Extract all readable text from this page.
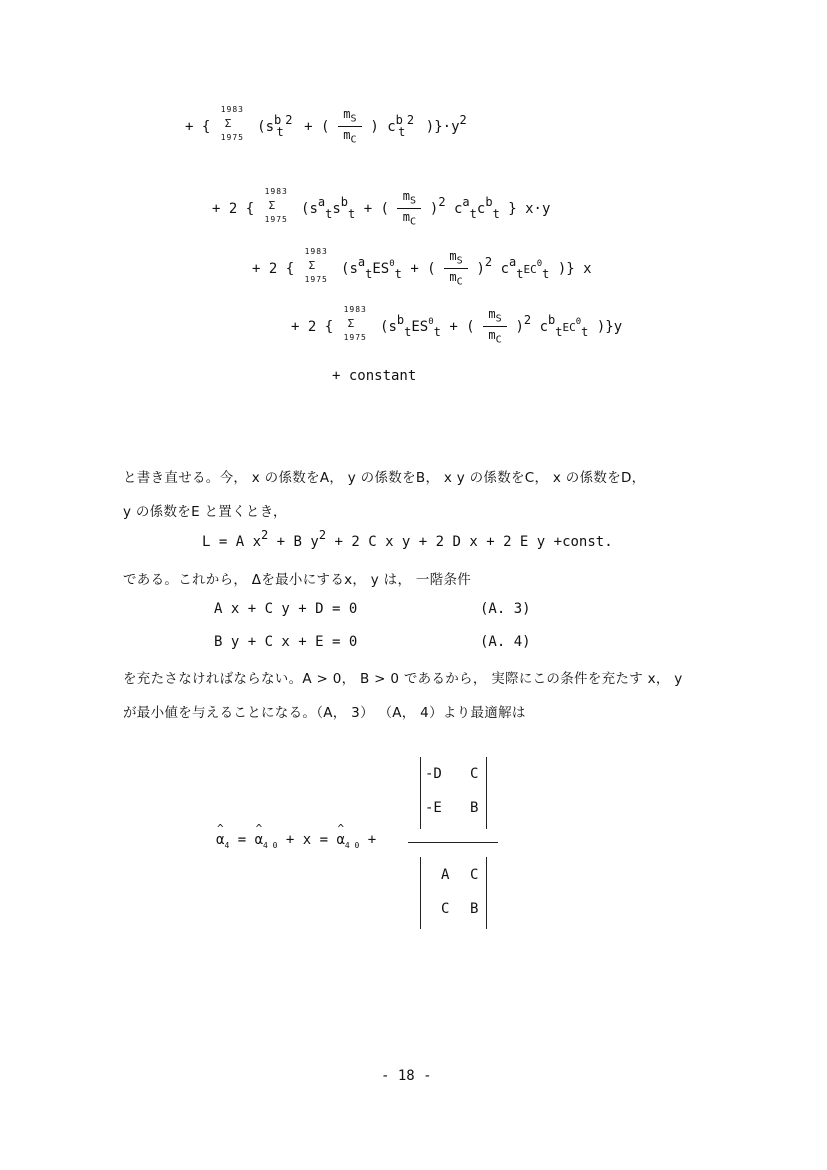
+ {
1983
Σ
1975
(sb 2t + ( $\frac{m_S}{m_C}$ ) cb 2t )}·y2
+ 2 {
1983
Σ
1975
(satsbt + ( $\frac{m_S}{m_C} )2$ catcbt } x·y
+ 2 {
1983
Σ
1975
(satES$^0$t + ( $\frac{m_S}{m_C} )2$ catEC$^0$t )} x
+ 2 {
1983
Σ
1975
(sbtES$^0$t + ( $\frac{m_S}{m_C} )2$ cbtEC$^0$t )}y
+ constant
と書き直せる。今， x の係数をA， y の係数をB， x y の係数をC， x の係数をD，
y の係数をE と置くとき，
L = A x2 + B y2 + 2 C x y + 2 D x + 2 E y +const.
である。これから， Δを最小にするx， y は， 一階条件
A x + C y + D = 0	(A. 3)
B y + C x + E = 0	(A. 4)
を充たさなければならない。A > 0， B > 0 であるから， 実際にこの条件を充たす x， y
が最小値を与えることになる。（A， 3） （A， 4）より最適解は
^ $\alpha_4$ = ^ $\alpha_{4 0} + x$ = ^ $\alpha_{4 0}$ +
-D C
-E B
A C
C B
- 18 -
